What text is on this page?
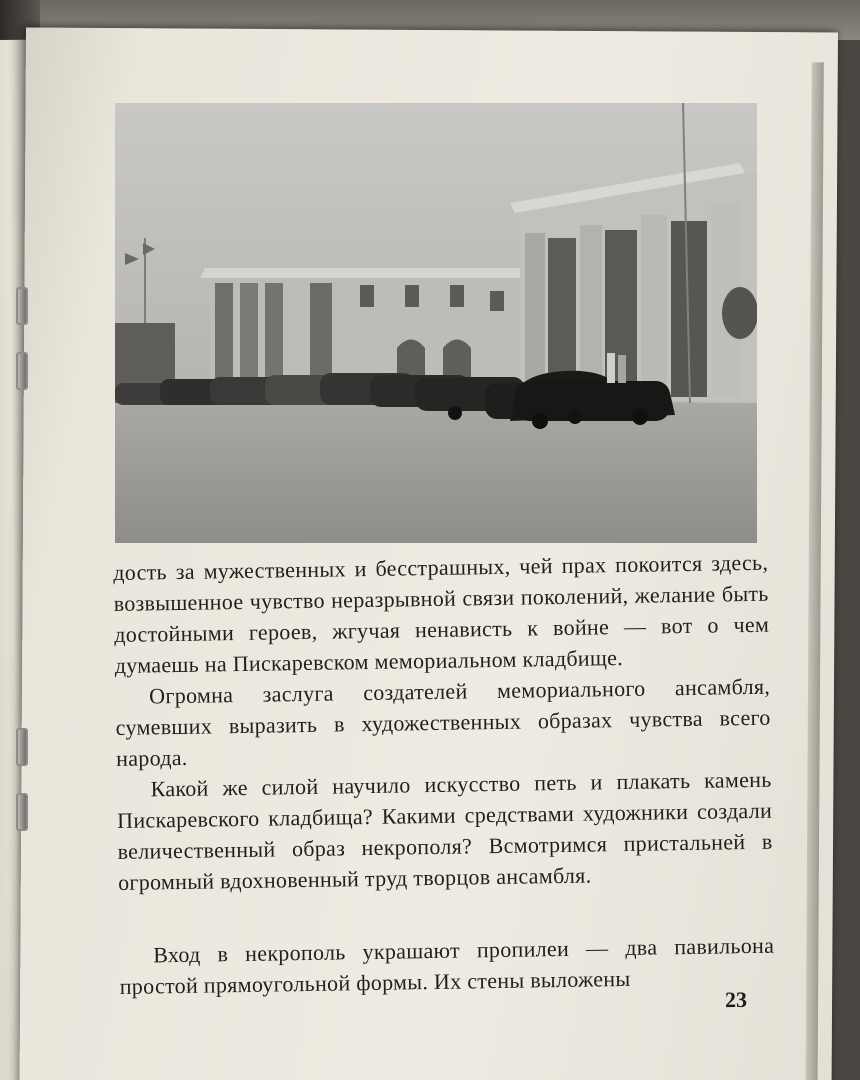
дость за мужественных и бесстрашных, чей прах покоится здесь, возвышенное чувство неразрывной связи поколений, желание быть достойными героев, жгучая ненависть к войне — вот о чем думаешь на Пискаревском мемориальном кладбище.

Огромна заслуга создателей мемориального ансамбля, сумевших выразить в художественных образах чувства всего народа.

Какой же силой научило искусство петь и плакать камень Пискаревского кладбища? Какими средствами художники создали величественный образ некрополя? Всмотримся пристальней в огромный вдохновенный труд творцов ансамбля.

Вход в некрополь украшают пропилеи — два павильона простой прямоугольной формы. Их стены выложены

23
